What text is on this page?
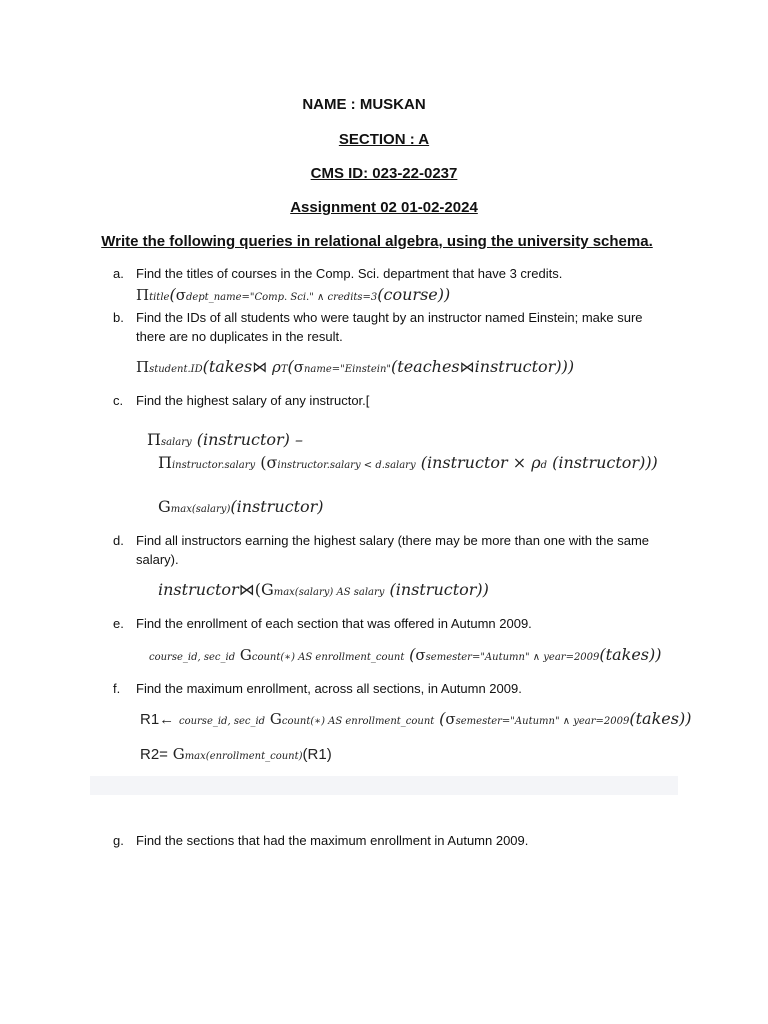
NAME : MUSKAN
SECTION : A
CMS ID: 023-22-0237
Assignment 02 01-02-2024
Write the following queries in relational algebra, using the university schema.
a. Find the titles of courses in the Comp. Sci. department that have 3 credits.
Πtitle(σdept_name="Comp. Sci." ∧ credits=3(course))
b. Find the IDs of all students who were taught by an instructor named Einstein; make sure there are no duplicates in the result.
Πstudent.ID(takes⋈ ρT(σname="Einstein"(teaches⋈instructor)))
c. Find the highest salary of any instructor.[
Πsalary (instructor) –
Πinstructor.salary (σinstructor.salary < d.salary (instructor × ρd (instructor)))
Gmax(salary)(instructor)
d. Find all instructors earning the highest salary (there may be more than one with the same salary).
instructor⋈(Gmax(salary) AS salary (instructor))
e. Find the enrollment of each section that was offered in Autumn 2009.
course_id, sec_id Gcount(∗) AS enrollment_count (σsemester="Autumn" ∧ year=2009(takes))
f. Find the maximum enrollment, across all sections, in Autumn 2009.
R1← course_id, sec_id Gcount(∗) AS enrollment_count (σsemester="Autumn" ∧ year=2009(takes))
R2= Gmax(enrollment_count)(R1)
g. Find the sections that had the maximum enrollment in Autumn 2009.
